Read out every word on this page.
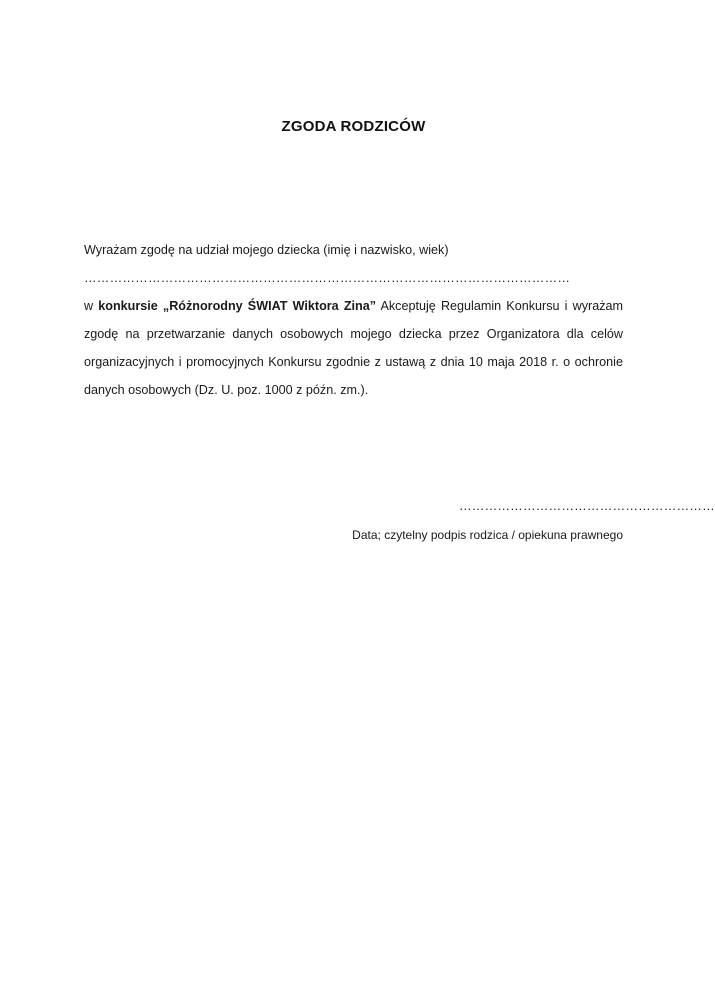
ZGODA RODZICÓW
Wyrażam zgodę na udział mojego dziecka (imię i nazwisko, wiek)
……………………………………………………………………………………………………

w konkursie „Różnorodny ŚWIAT Wiktora Zina” Akceptuję Regulamin Konkursu i wyrażam zgodę na przetwarzanie danych osobowych mojego dziecka przez Organizatora dla celów organizacyjnych i promocyjnych Konkursu zgodnie z ustawą z dnia 10 maja 2018 r. o ochronie danych osobowych (Dz. U. poz. 1000 z późn. zm.).

……………………………………………………
Data; czytelny podpis rodzica / opiekuna prawnego
